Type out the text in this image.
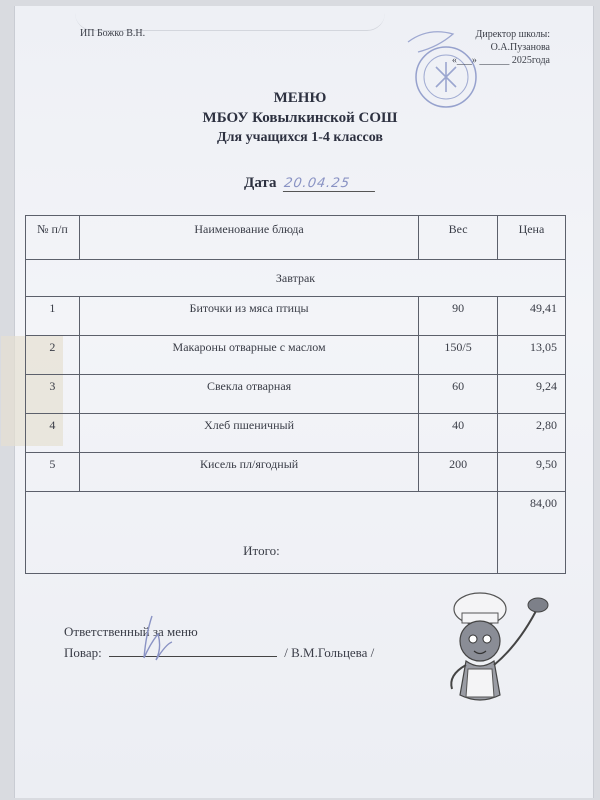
ИП Божко В.Н.	Директор школы:
О.А.Пузанова
«___» ______ 2025года
МЕНЮ
МБОУ Ковылкинской СОШ
Для учащихся 1-4 классов
Дата 20.04.25
№ п/п	Наименование блюда	Вес	Цена
Завтрак			
1	Биточки из мяса птицы	90	49,41
2	Макароны отварные с маслом	150/5	13,05
3	Свекла отварная	60	9,24
4	Хлеб пшеничный	40	2,80
5	Кисель пл/ягодный	200	9,50
Итого:			84,00
Ответственный за меню
Повар:	/ В.М.Гольцева /
